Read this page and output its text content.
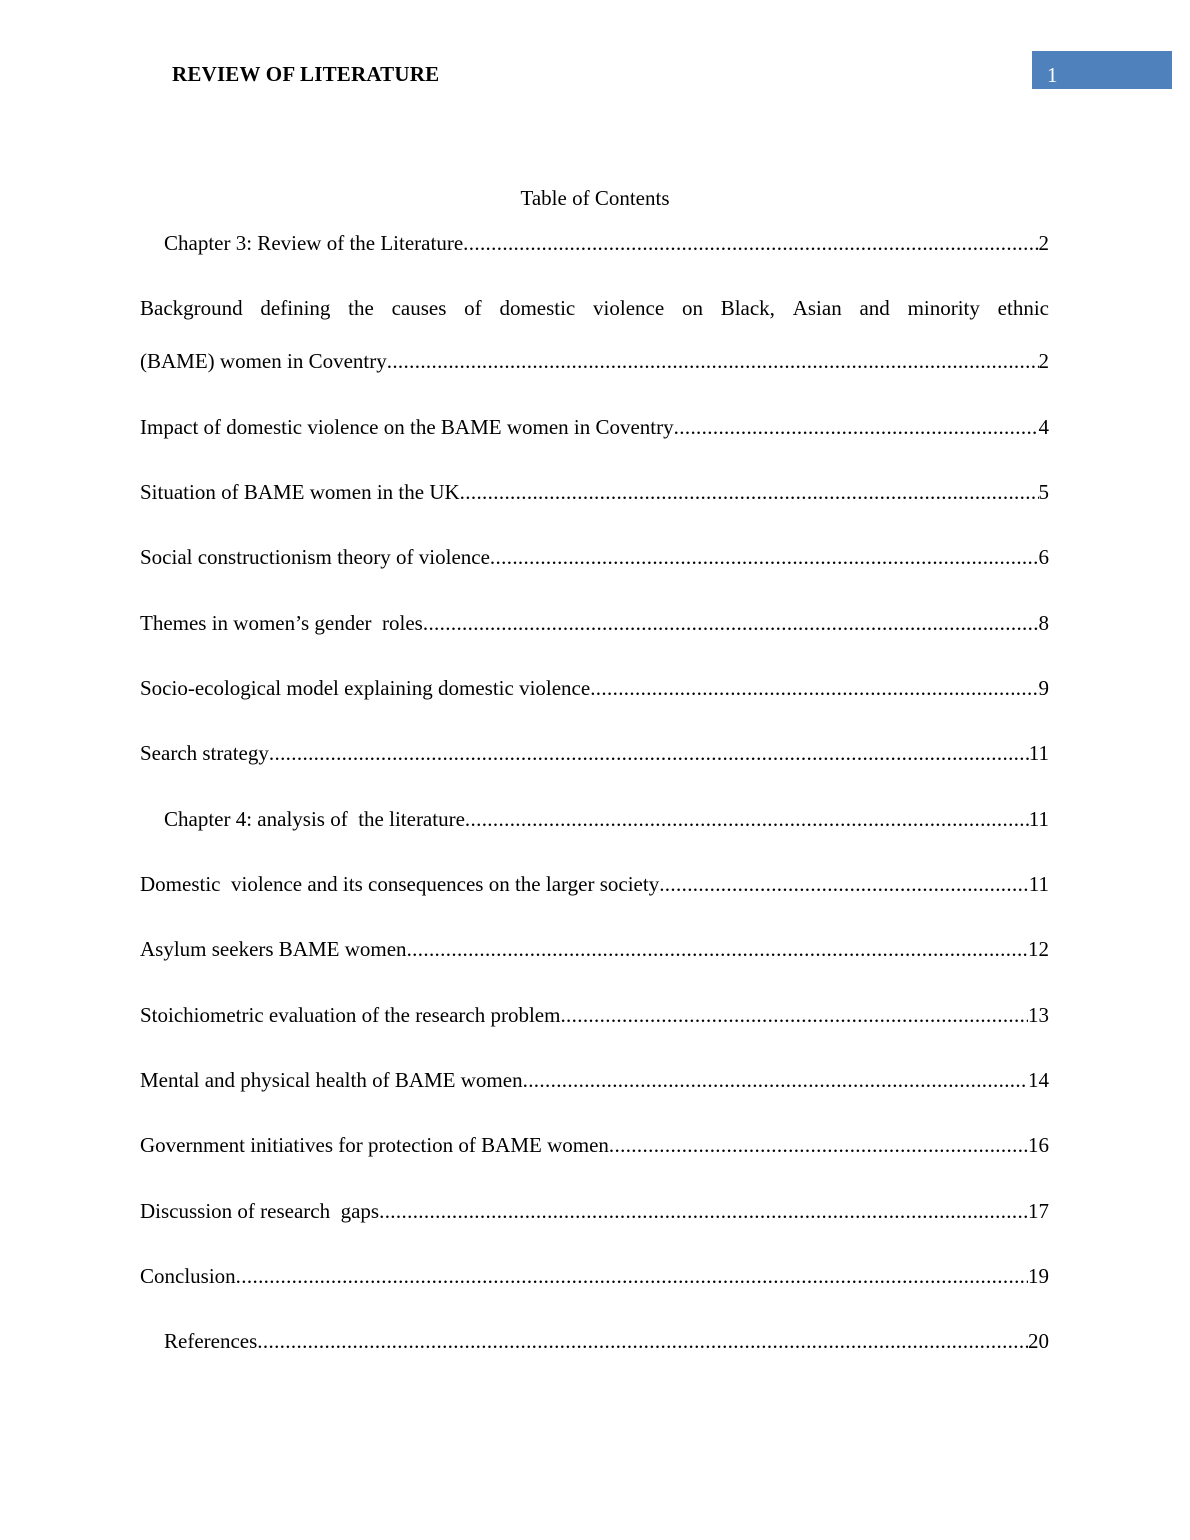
REVIEW OF LITERATURE	1
Table of Contents
Chapter 3: Review of the Literature .....	2
Background defining the causes of domestic violence on Black, Asian and minority ethnic
(BAME) women in Coventry .....	2
Impact of domestic violence on the BAME women in Coventry .....	4
Situation of BAME women in the UK .....	5
Social constructionism theory of violence .....	6
Themes in women’s gender  roles .....	8
Socio-ecological model explaining domestic violence .....	9
Search strategy .....	11
Chapter 4: analysis of  the literature .....	11
Domestic  violence and its consequences on the larger society .....	11
Asylum seekers BAME women .....	12
Stoichiometric evaluation of the research problem .....	13
Mental and physical health of BAME women .....	14
Government initiatives for protection of BAME women .....	16
Discussion of research  gaps .....	17
Conclusion .....	19
References .....	20
